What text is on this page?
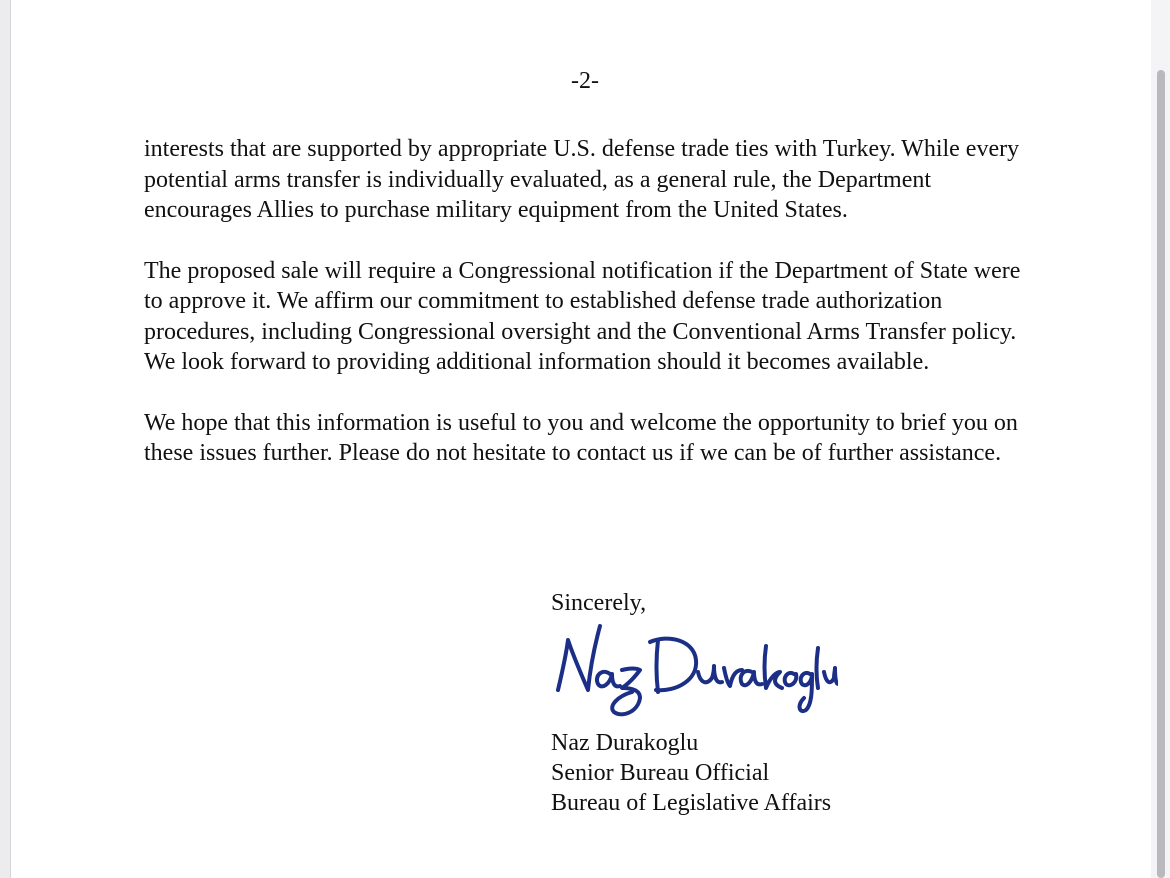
-2-

interests that are supported by appropriate U.S. defense trade ties with Turkey. While every potential arms transfer is individually evaluated, as a general rule, the Department encourages Allies to purchase military equipment from the United States.

The proposed sale will require a Congressional notification if the Department of State were to approve it. We affirm our commitment to established defense trade authorization procedures, including Congressional oversight and the Conventional Arms Transfer policy. We look forward to providing additional information should it becomes available.

We hope that this information is useful to you and welcome the opportunity to brief you on these issues further. Please do not hesitate to contact us if we can be of further assistance.

Sincerely,

Naz Durakoglu
Senior Bureau Official
Bureau of Legislative Affairs
